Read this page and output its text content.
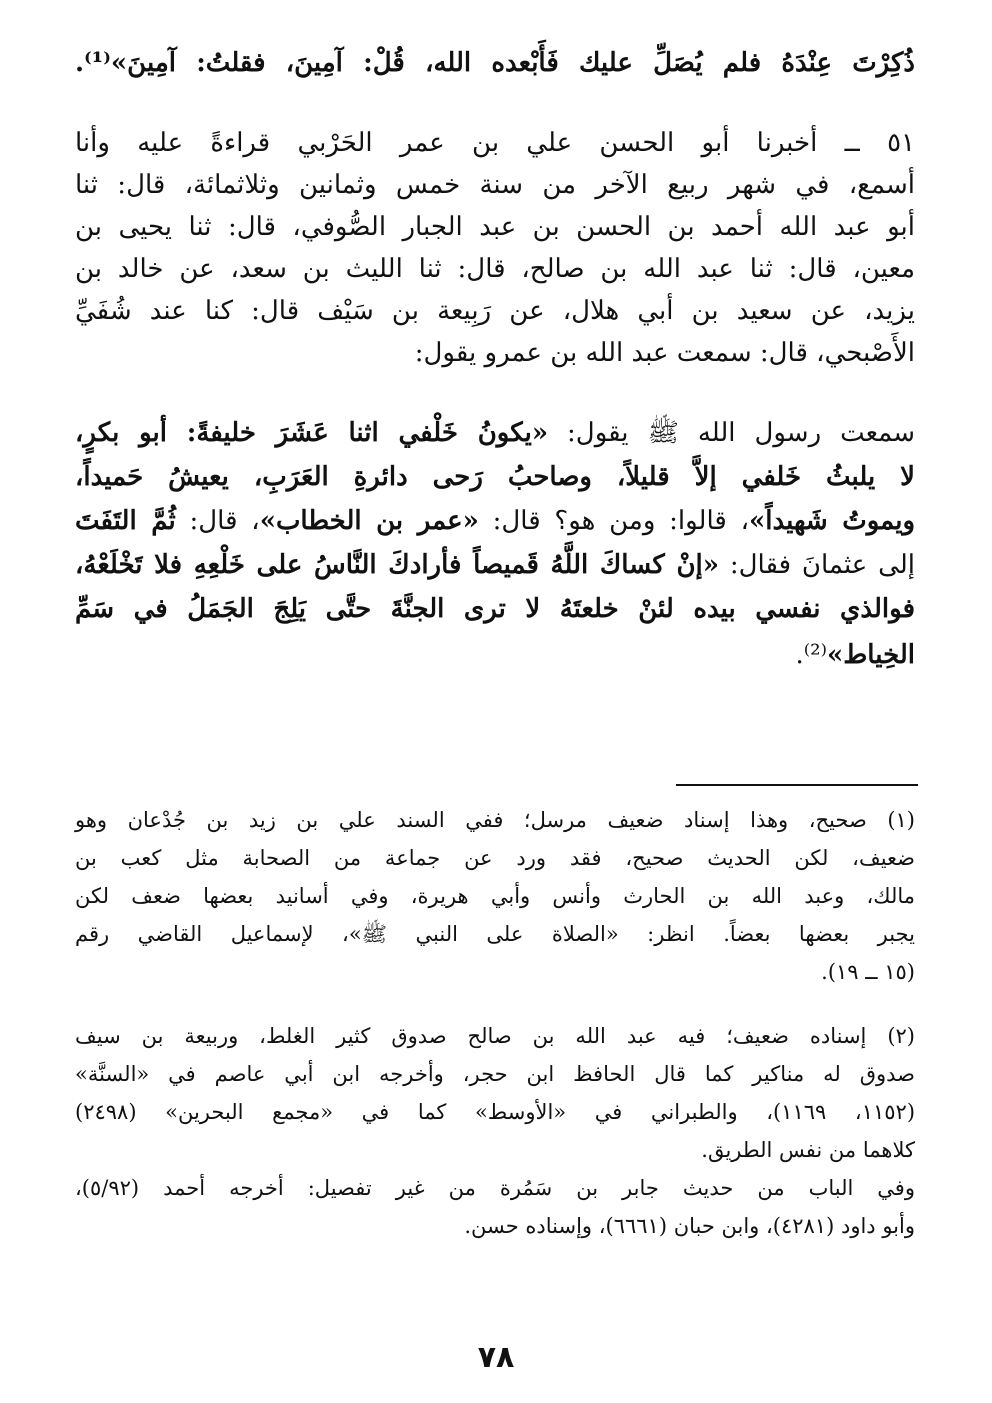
ذُكِرْتَ عِنْدَهُ فلم يُصَلِّ عليك فَأَبْعده الله، قُلْ: آمِينَ، فقلتُ: آمِينَ»⁽¹⁾.
٥١ ــ أخبرنا أبو الحسن علي بن عمر الحَرْبي قراءةً عليه وأنا
أسمع، في شهر ربيع الآخر من سنة خمس وثمانين وثلاثمائة، قال: ثنا
أبو عبد الله أحمد بن الحسن بن عبد الجبار الصُّوفي، قال: ثنا يحيى بن
معين، قال: ثنا عبد الله بن صالح، قال: ثنا الليث بن سعد، عن خالد بن
يزيد، عن سعيد بن أبي هلال، عن رَبِيعة بن سَيْف قال: كنا عند شُفَيِّ
الأَصْبحي، قال: سمعت عبد الله بن عمرو يقول:
سمعت رسول الله ﷺ يقول: «يكونُ خَلْفي اثنا عَشَرَ خليفةً: أبو بكرٍ،
لا يلبثُ خَلفي إلاَّ قليلاً، وصاحبُ رَحى دائرةِ العَرَبِ، يعيشُ حَميداً،
ويموتُ شَهيداً»، قالوا: ومن هو؟ قال: «عمر بن الخطاب»، قال: ثُمَّ التَفَتَ
إلى عثمانَ فقال: «إنْ كساكَ اللَّهُ قَميصاً فأرادكَ النَّاسُ على خَلْعِهِ فلا تَخْلَعْهُ،
فوالذي نفسي بيده لئنْ خلعتَهُ لا ترى الجنَّةَ حتَّى يَلِجَ الجَمَلُ في سَمِّ
الخِياط»⁽²⁾.
(١) صحيح، وهذا إسناد ضعيف مرسل؛ ففي السند علي بن زيد بن جُدْعان وهو
ضعيف، لكن الحديث صحيح، فقد ورد عن جماعة من الصحابة مثل كعب بن
مالك، وعبد الله بن الحارث وأنس وأبي هريرة، وفي أسانيد بعضها ضعف لكن
يجبر بعضها بعضاً. انظر: «الصلاة على النبي ﷺ»، لإسماعيل القاضي رقم
(١٥ ــ ١٩).
(٢) إسناده ضعيف؛ فيه عبد الله بن صالح صدوق كثير الغلط، وربيعة بن سيف
صدوق له مناكير كما قال الحافظ ابن حجر، وأخرجه ابن أبي عاصم في «السنَّة»
(١١٥٢، ١١٦٩)، والطبراني في «الأوسط» كما في «مجمع البحرين» (٢٤٩٨)
كلاهما من نفس الطريق.
وفي الباب من حديث جابر بن سَمُرة من غير تفصيل: أخرجه أحمد (٥/٩٢)،
وأبو داود (٤٢٨١)، وابن حبان (٦٦٦١)، وإسناده حسن.
٧٨
